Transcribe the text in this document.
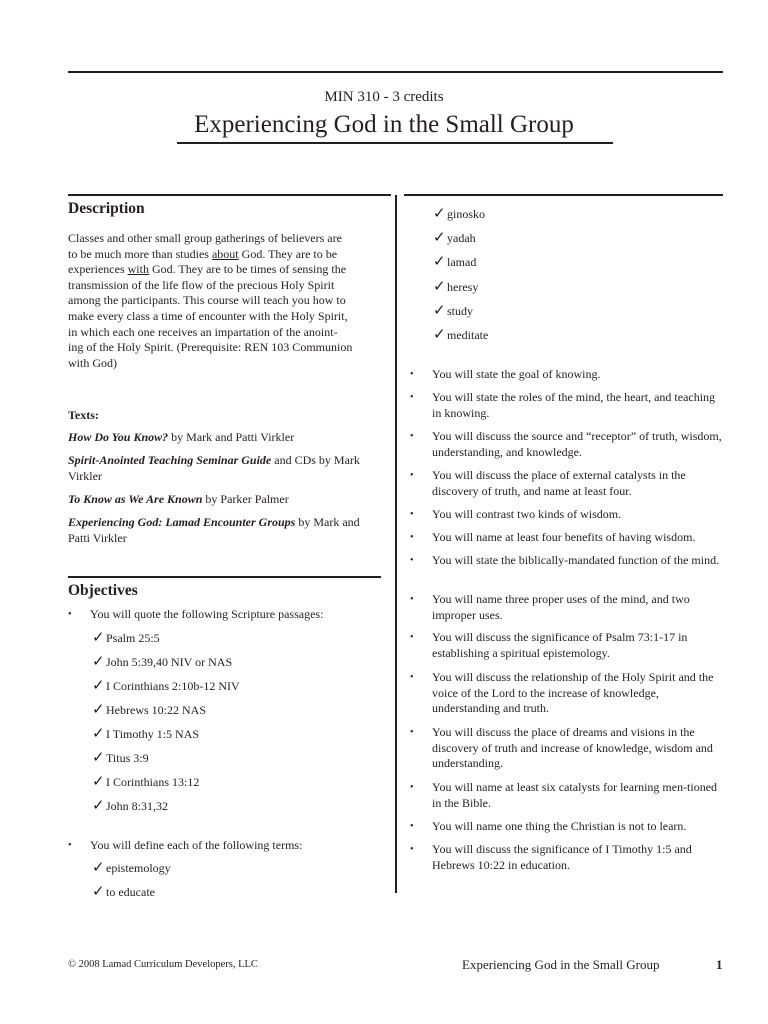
MIN 310 - 3 credits
Experiencing God in the Small Group
Description
Classes and other small group gatherings of believers are
to be much more than studies about God. They are to be
experiences with God. They are to be times of sensing the
transmission of the life flow of the precious Holy Spirit
among the participants. This course will teach you how to
make every class a time of encounter with the Holy Spirit,
in which each one receives an impartation of the anoint-
ing of the Holy Spirit. (Prerequisite: REN 103 Communion
with God)
Texts:
How Do You Know? by Mark and Patti Virkler
Spirit-Anointed Teaching Seminar Guide and CDs by Mark Virkler
To Know as We Are Known by Parker Palmer
Experiencing God: Lamad Encounter Groups by Mark and Patti Virkler
Objectives
• You will quote the following Scripture passages:
✓Psalm 25:5
✓John 5:39,40 NIV or NAS
✓I Corinthians 2:10b-12 NIV
✓Hebrews 10:22 NAS
✓I Timothy 1:5 NAS
✓Titus 3:9
✓I Corinthians 13:12
✓John 8:31,32
• You will define each of the following terms:
✓epistemology
✓to educate
✓ginosko
✓yadah
✓lamad
✓heresy
✓study
✓meditate
• You will state the goal of knowing.
• You will state the roles of the mind, the heart, and teaching in knowing.
• You will discuss the source and “receptor” of truth, wisdom, understanding, and knowledge.
• You will discuss the place of external catalysts in the discovery of truth, and name at least four.
• You will contrast two kinds of wisdom.
• You will name at least four benefits of having wisdom.
• You will state the biblically-mandated function of the mind.
• You will name three proper uses of the mind, and two improper uses.
• You will discuss the significance of Psalm 73:1-17 in establishing a spiritual epistemology.
• You will discuss the relationship of the Holy Spirit and the voice of the Lord to the increase of knowledge, understanding and truth.
• You will discuss the place of dreams and visions in the discovery of truth and increase of knowledge, wisdom and understanding.
• You will name at least six catalysts for learning men-tioned in the Bible.
• You will name one thing the Christian is not to learn.
• You will discuss the significance of I Timothy 1:5 and Hebrews 10:22 in education.
© 2008 Lamad Curriculum Developers, LLC	Experiencing God in the Small Group	1
